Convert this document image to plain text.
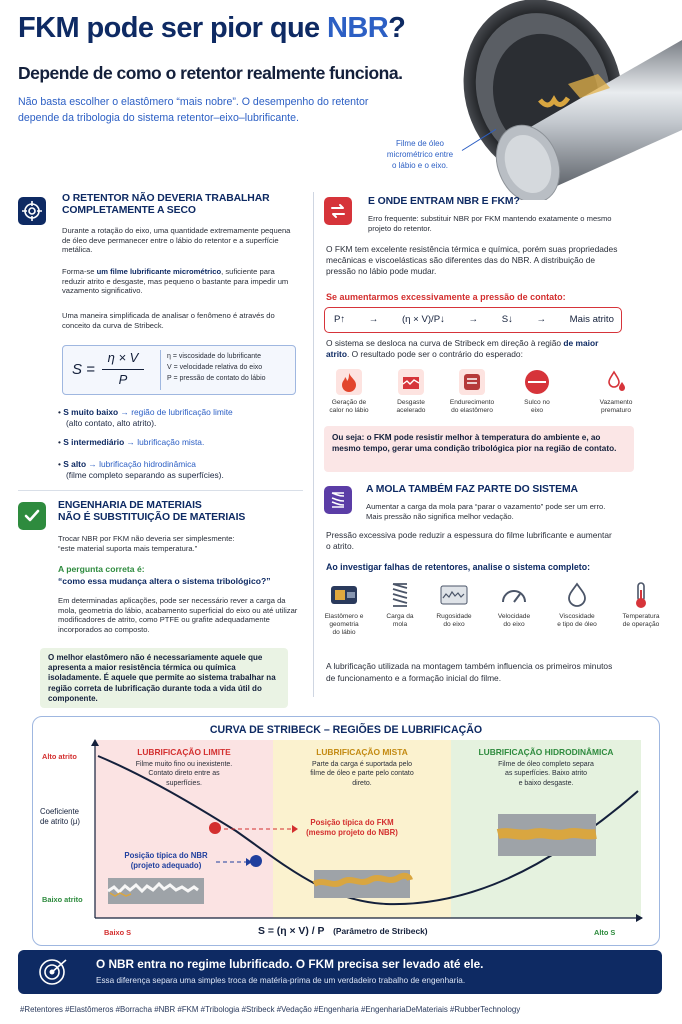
FKM pode ser pior que NBR?
Depende de como o retentor realmente funciona.
Não basta escolher o elastômero “mais nobre”. O desempenho do retentor
depende da tribologia do sistema retentor–eixo–lubrificante.
Filme de óleo
micrométrico entre
o lábio e o eixo.
O RETENTOR NÃO DEVERIA TRABALHAR
COMPLETAMENTE A SECO

Durante a rotação do eixo, uma quantidade extremamente pequena de óleo deve permanecer entre o lábio do retentor e a superfície metálica.

Forma-se um filme lubrificante micrométrico, suficiente para reduzir atrito e desgaste, mas pequeno o bastante para impedir um vazamento significativo.

Uma maneira simplificada de analisar o fenômeno é através do conceito da curva de Stribeck.

S =
η × V
P
η = viscosidade do lubrificante
V = velocidade relativa do eixo
P = pressão de contato do lábio
• S muito baixo → região de lubrificação limite
(alto contato, alto atrito).
• S intermediário → lubrificação mista.
• S alto → lubrificação hidrodinâmica
(filme completo separando as superfícies).
ENGENHARIA DE MATERIAIS
NÃO É SUBSTITUIÇÃO DE MATERIAIS

Trocar NBR por FKM não deveria ser simplesmente:

“este material suporta mais temperatura.”

A pergunta correta é:
“como essa mudança altera o sistema tribológico?”

Em determinadas aplicações, pode ser necessário rever a carga da mola, geometria do lábio, acabamento superficial do eixo ou até utilizar modificadores de atrito, como PTFE ou grafite adequadamente incorporados ao composto.

O melhor elastômero não é necessariamente aquele que apresenta a maior resistência térmica ou química isoladamente. É aquele que permite ao sistema trabalhar na região correta de lubrificação durante toda a vida útil do componente.
E ONDE ENTRAM NBR E FKM?

Erro frequente: substituir NBR por FKM mantendo exatamente o mesmo projeto do retentor.

O FKM tem excelente resistência térmica e química, porém suas propriedades mecânicas e viscoelásticas são diferentes das do NBR. A distribuição de pressão no lábio pode mudar.

Se aumentarmos excessivamente a pressão de contato:
P↑ → (η × V)/P↓ → S↓ → Mais atrito

O sistema se desloca na curva de Stribeck em direção à região de maior atrito. O resultado pode ser o contrário do esperado:

Geração de
calor no lábio
Desgaste
acelerado
Endurecimento
do elastômero
Sulco no
eixo
Vazamento
prematuro
Ou seja: o FKM pode resistir melhor à temperatura do ambiente e, ao mesmo tempo, gerar uma condição tribológica pior na região de contato.
A MOLA TAMBÉM FAZ PARTE DO SISTEMA

Aumentar a carga da mola para “parar o vazamento” pode ser um erro. Mais pressão não significa melhor vedação.

Pressão excessiva pode reduzir a espessura do filme lubrificante e aumentar o atrito.

Ao investigar falhas de retentores, analise o sistema completo:
Elastômero e
geometria
do lábio
Carga da
mola
Rugosidade
do eixo
Velocidade
do eixo
Viscosidade
e tipo de óleo
Temperatura
de operação

A lubrificação utilizada na montagem também influencia os primeiros minutos de funcionamento e a formação inicial do filme.

CURVA DE STRIBECK – REGIÕES DE LUBRIFICAÇÃO
LUBRIFICAÇÃO LIMITE
Filme muito fino ou inexistente.
Contato direto entre as
superfícies.
LUBRIFICAÇÃO MISTA
Parte da carga é suportada pelo
filme de óleo e parte pelo contato
direto.
LUBRIFICAÇÃO HIDRODINÂMICA
Filme de óleo completo separa
as superfícies. Baixo atrito
e baixo desgaste.
Alto atrito
Coeficiente
de atrito (μ)
Baixo atrito
Posição típica do FKM
(mesmo projeto do NBR)
Posição típica do NBR
(projeto adequado)
Baixo S	S = (η × V) / P (Parâmetro de Stribeck)	Alto S
O NBR entra no regime lubrificado. O FKM precisa ser levado até ele.
Essa diferença separa uma simples troca de matéria-prima de um verdadeiro trabalho de engenharia.
#Retentores #Elastômeros #Borracha #NBR #FKM #Tribologia #Stribeck #Vedação #Engenharia #EngenhariaDeMateriais #RubberTechnology
